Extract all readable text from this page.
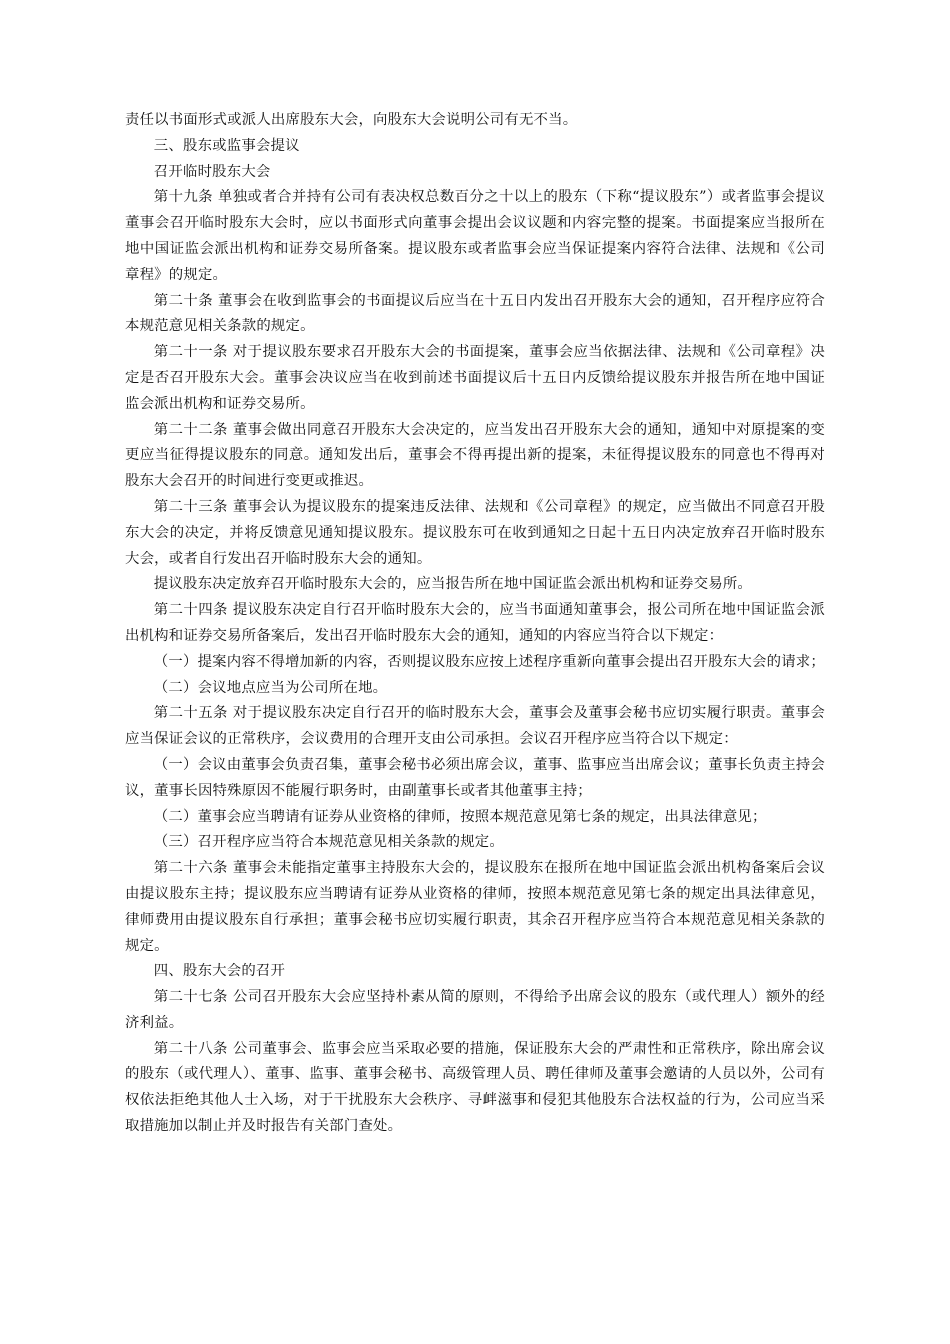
责任以书面形式或派人出席股东大会，向股东大会说明公司有无不当。

三、股东或监事会提议

召开临时股东大会

第十九条 单独或者合并持有公司有表决权总数百分之十以上的股东（下称“提议股东”）或者监事会提议董事会召开临时股东大会时，应以书面形式向董事会提出会议议题和内容完整的提案。书面提案应当报所在地中国证监会派出机构和证券交易所备案。提议股东或者监事会应当保证提案内容符合法律、法规和《公司章程》的规定。

第二十条 董事会在收到监事会的书面提议后应当在十五日内发出召开股东大会的通知，召开程序应符合本规范意见相关条款的规定。

第二十一条 对于提议股东要求召开股东大会的书面提案，董事会应当依据法律、法规和《公司章程》决定是否召开股东大会。董事会决议应当在收到前述书面提议后十五日内反馈给提议股东并报告所在地中国证监会派出机构和证券交易所。

第二十二条 董事会做出同意召开股东大会决定的，应当发出召开股东大会的通知，通知中对原提案的变更应当征得提议股东的同意。通知发出后，董事会不得再提出新的提案，未征得提议股东的同意也不得再对股东大会召开的时间进行变更或推迟。

第二十三条 董事会认为提议股东的提案违反法律、法规和《公司章程》的规定，应当做出不同意召开股东大会的决定，并将反馈意见通知提议股东。提议股东可在收到通知之日起十五日内决定放弃召开临时股东大会，或者自行发出召开临时股东大会的通知。

提议股东决定放弃召开临时股东大会的，应当报告所在地中国证监会派出机构和证券交易所。

第二十四条 提议股东决定自行召开临时股东大会的，应当书面通知董事会，报公司所在地中国证监会派出机构和证券交易所备案后，发出召开临时股东大会的通知，通知的内容应当符合以下规定：

（一）提案内容不得增加新的内容，否则提议股东应按上述程序重新向董事会提出召开股东大会的请求；

（二）会议地点应当为公司所在地。

第二十五条 对于提议股东决定自行召开的临时股东大会，董事会及董事会秘书应切实履行职责。董事会应当保证会议的正常秩序，会议费用的合理开支由公司承担。会议召开程序应当符合以下规定：

（一）会议由董事会负责召集，董事会秘书必须出席会议，董事、监事应当出席会议；董事长负责主持会议，董事长因特殊原因不能履行职务时，由副董事长或者其他董事主持；

（二）董事会应当聘请有证券从业资格的律师，按照本规范意见第七条的规定，出具法律意见；

（三）召开程序应当符合本规范意见相关条款的规定。

第二十六条 董事会未能指定董事主持股东大会的，提议股东在报所在地中国证监会派出机构备案后会议由提议股东主持；提议股东应当聘请有证券从业资格的律师，按照本规范意见第七条的规定出具法律意见，律师费用由提议股东自行承担；董事会秘书应切实履行职责，其余召开程序应当符合本规范意见相关条款的规定。

四、股东大会的召开

第二十七条 公司召开股东大会应坚持朴素从简的原则，不得给予出席会议的股东（或代理人）额外的经济利益。

第二十八条 公司董事会、监事会应当采取必要的措施，保证股东大会的严肃性和正常秩序，除出席会议的股东（或代理人）、董事、监事、董事会秘书、高级管理人员、聘任律师及董事会邀请的人员以外，公司有权依法拒绝其他人士入场，对于干扰股东大会秩序、寻衅滋事和侵犯其他股东合法权益的行为，公司应当采取措施加以制止并及时报告有关部门查处。
